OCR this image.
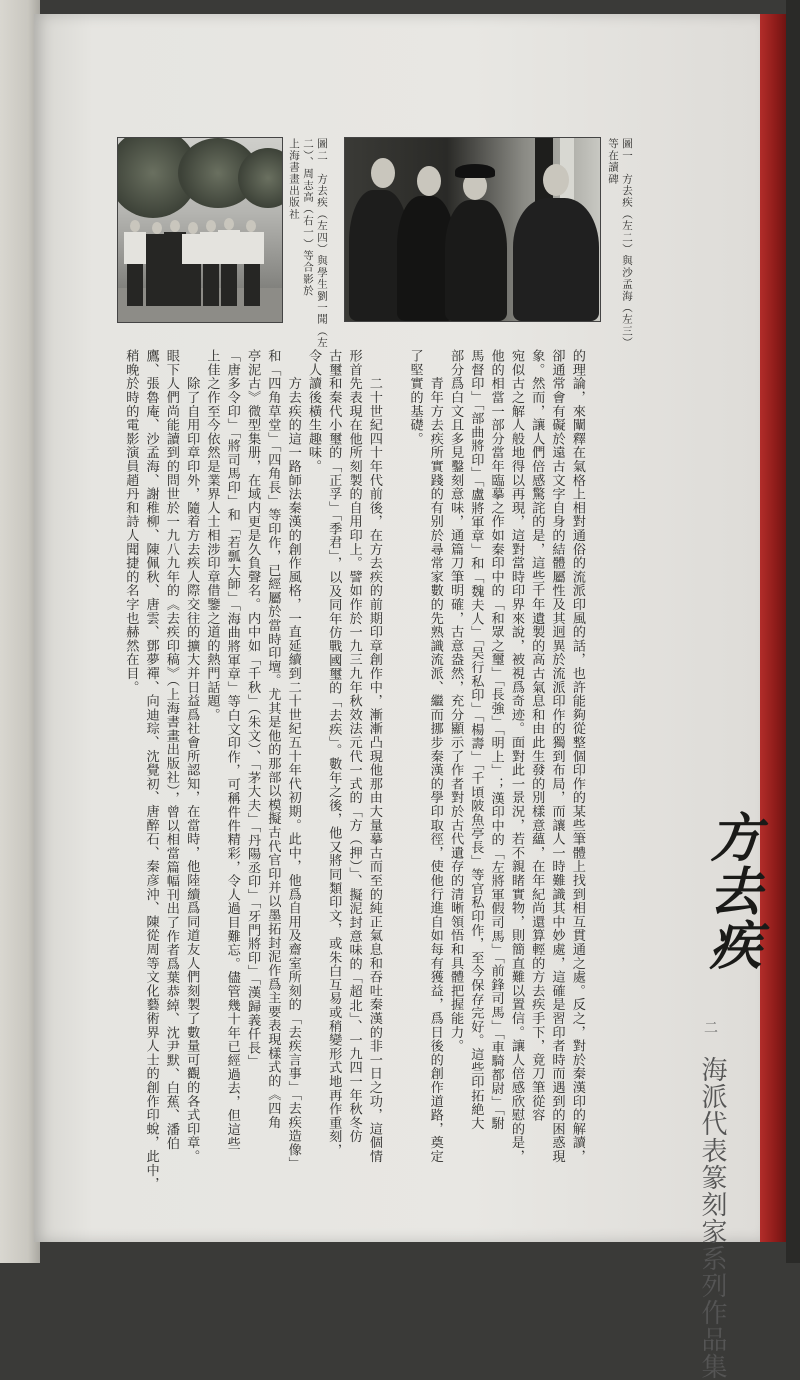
圖二　方去疾（左四）與學生劉一聞（左
二）、周志高（右一）等合影於
上海書畫出版社	圖一　方去疾（左二）與沙孟海（左三）
等在讀碑
的理論，來闡釋在氣格上相對通俗的流派印風的話，也許能夠從整個印作的某些筆體上找到相互貫通之處。反之，對於秦漢印的解讀，
卻通常會有礙於遠古文字自身的結體屬性及其迥異於流派印作的獨到布局，而讓人一時難識其中妙處，這確是習印者時而遇到的困惑現
象。然而，讓人們倍感驚詫的是，這些千年遺製的高古氣息和由此生發的別樣意蘊，在年紀尚還算輕的方去疾手下，竟刀筆從容
宛似古之解人般地得以再現，這對當時印界來說，被視爲奇迹。面對此一景況，若不親睹實物，則簡直難以置信。讓人倍感欣慰的是，
他的相當一部分當年臨摹之作如秦印中的「和眾之璽」「長強」「明上」；漢印中的「左將軍假司馬」「前鋒司馬」「車騎都尉」「駙
馬督印」「部曲將印」「盧將軍章」和「魏夫人」「吴行私印」「楊壽」「千頃陂魚亭長」等官私印作，至今保存完好。這些印拓絶大
部分爲白文且多見鑿刻意味，通篇刀筆明確，古意盎然，充分顯示了作者對於古代遺存的清晰領悟和具體把握能力。
　　青年方去疾所實踐的有别於尋常家數的先熟識流派、繼而挪步秦漢的學印取徑，使他行進自如每有獲益，爲日後的創作道路，奠定
了堅實的基礎。
　　二十世紀四十年代前後，在方去疾的前期印章創作中，漸漸凸現他那由大量摹古而至的純正氣息和吞吐秦漢的非一日之功，這個情
形首先表現在他所刻製的自用印上。譬如作於一九三九年秋效法元代一式的「方（押）」、擬泥封意味的「超北」、一九四一年秋冬仿
古璽和秦代小璽的「正孚」「季君」，以及同年仿戰國璽的「去疾」。數年之後，他又將同類印文，或朱白互易或稍變形式地再作重刻，
令人讀後橫生趣味。
　　方去疾的這一路師法秦漢的創作風格，一直延續到二十世紀五十年代初期。此中，他爲自用及齋室所刻的「去疾言事」「去疾造像」
和「四角草堂」「四角長」等印作，已經屬於當時印壇。尤其是他的那部以模擬古代官印并以墨拓封泥作爲主要表現樣式的《四角
亭泥古》微型集册，在域内更是久負聲名。内中如「千秋」（朱文）、「茅大夫」「丹陽丞印」「牙門將印」「漢歸義仟長」
「唐多令印」「將司馬印」和「若瓢大師」「海曲將軍章」等白文印作，可稱件件精彩，令人過目難忘。儘管幾十年已經過去，但這些
上佳之作至今依然是業界人士相涉印章借鑒之道的熱門話題。
　　除了自用印章印外，隨着方去疾人際交往的擴大并日益爲社會所認知，在當時，他陸續爲同道友人們刻製了數量可觀的各式印章。
眼下人們尚能讀到的問世於一九八九年的《去疾印稿》（上海書畫出版社），曾以相當篇幅刊出了作者爲葉恭綽、沈尹默、白蕉、潘伯
鷹、張魯庵、沙孟海、謝稚柳、陳佩秋、唐雲、鄧夢禪、向迪琮、沈覺初、唐醉石、秦彦沖、陳從周等文化藝術界人士的創作印蛻，此中，
稍晚於時的電影演員趙丹和詩人聞捷的名字也赫然在目。
方去疾
二
海派代表篆刻家系列作品集
